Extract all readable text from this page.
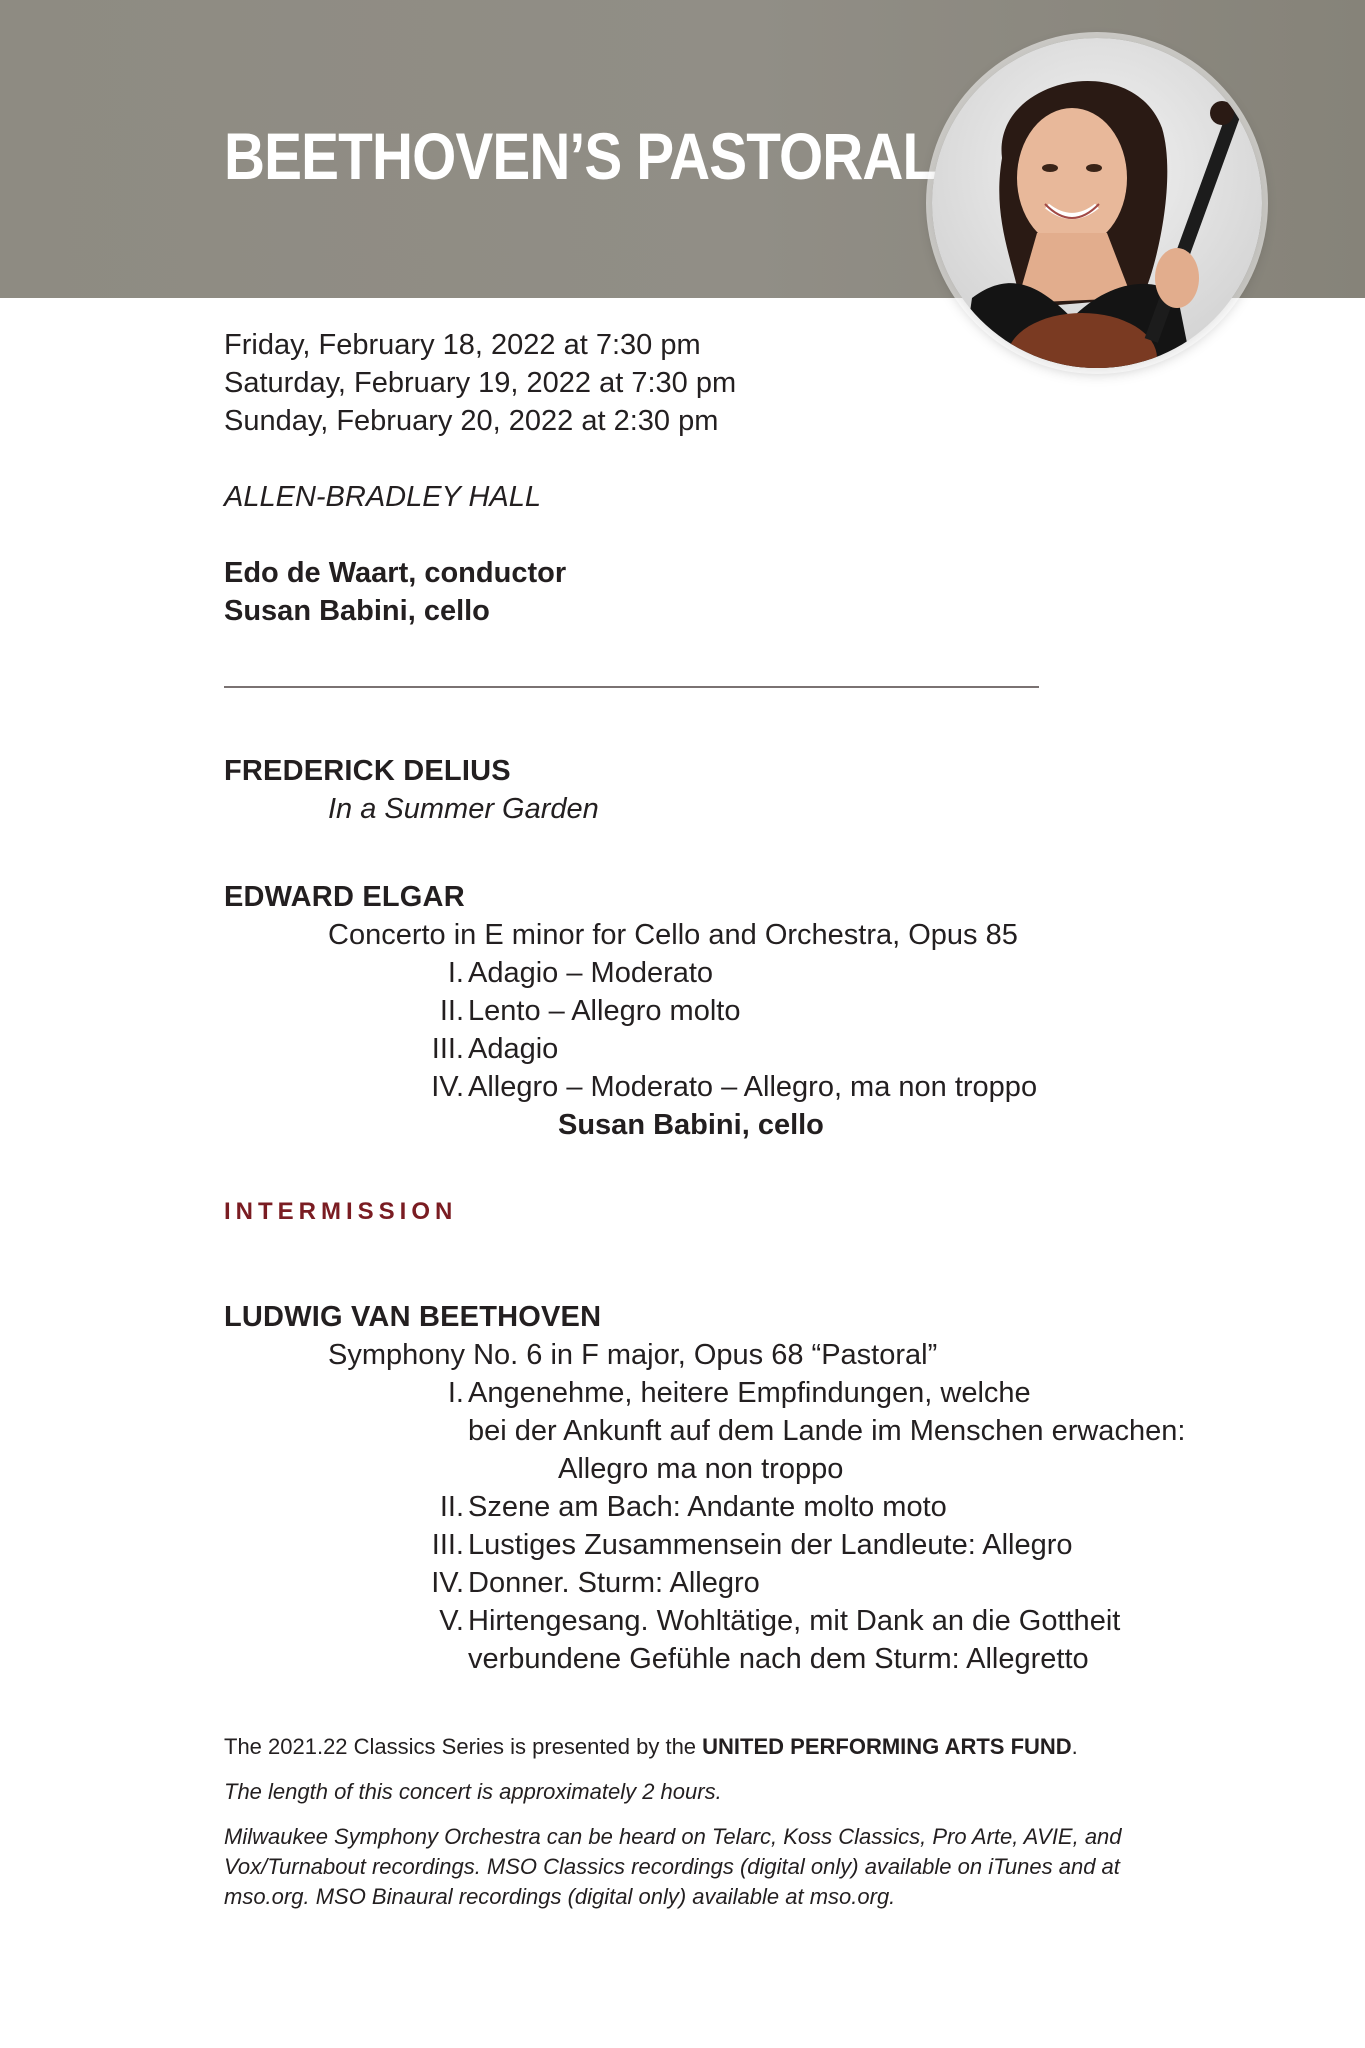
BEETHOVEN’S PASTORAL
Friday, February 18, 2022 at 7:30 pm
Saturday, February 19, 2022 at 7:30 pm
Sunday, February 20, 2022 at 2:30 pm
ALLEN-BRADLEY HALL
Edo de Waart, conductor
Susan Babini, cello
FREDERICK DELIUS
In a Summer Garden
EDWARD ELGAR
Concerto in E minor for Cello and Orchestra, Opus 85
I. Adagio – Moderato
II. Lento – Allegro molto
III. Adagio
IV. Allegro – Moderato – Allegro, ma non troppo
Susan Babini, cello
INTERMISSION
LUDWIG VAN BEETHOVEN
Symphony No. 6 in F major, Opus 68 “Pastoral”
I. Angenehme, heitere Empfindungen, welche
bei der Ankunft auf dem Lande im Menschen erwachen:
Allegro ma non troppo
II. Szene am Bach: Andante molto moto
III. Lustiges Zusammensein der Landleute: Allegro
IV. Donner. Sturm: Allegro
V. Hirtengesang. Wohltätige, mit Dank an die Gottheit
verbundene Gefühle nach dem Sturm: Allegretto
The 2021.22 Classics Series is presented by the UNITED PERFORMING ARTS FUND.
The length of this concert is approximately 2 hours.
Milwaukee Symphony Orchestra can be heard on Telarc, Koss Classics, Pro Arte, AVIE, and
Vox/Turnabout recordings. MSO Classics recordings (digital only) available on iTunes and at
mso.org. MSO Binaural recordings (digital only) available at mso.org.
